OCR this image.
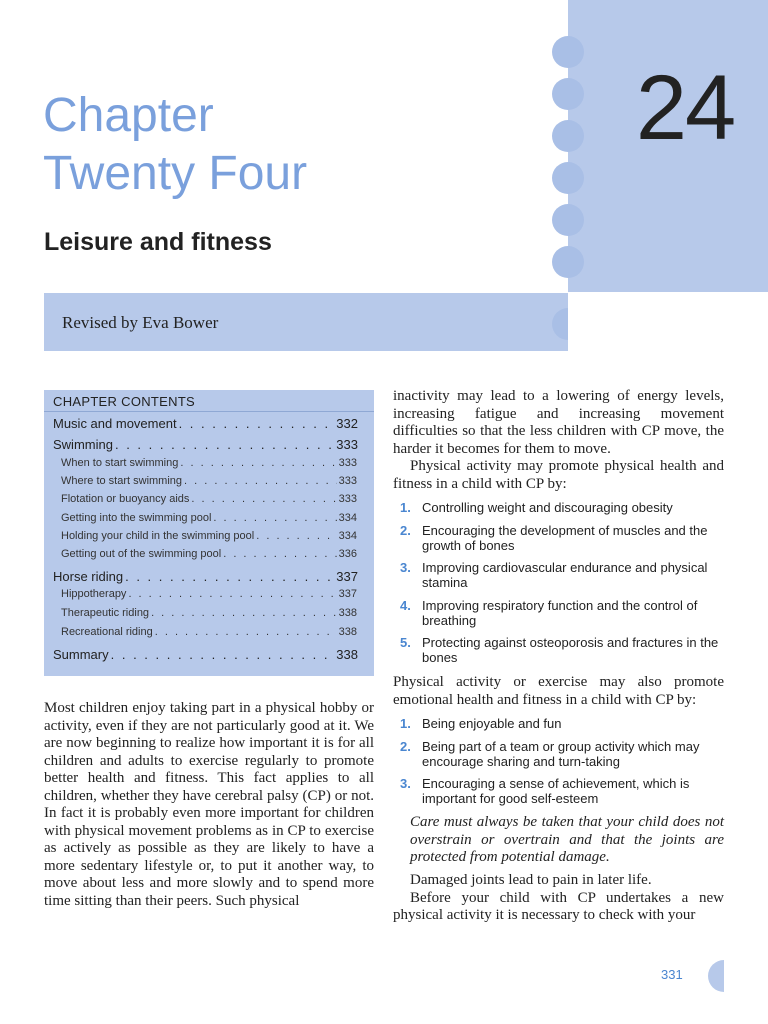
24
Chapter
Twenty Four
Leisure and fitness
Revised by Eva Bower
CHAPTER CONTENTS
Music and movement . . .	332
Swimming . . .	333
When to start swimming . . .	333
Where to start swimming . . .	333
Flotation or buoyancy aids . . .	333
Getting into the swimming pool . . .	334
Holding your child in the swimming pool . . .	334
Getting out of the swimming pool . . .	336
Horse riding . . .	337
Hippotherapy . . .	337
Therapeutic riding . . .	338
Recreational riding . . .	338
Summary . . .	338

Most children enjoy taking part in a physical hobby or activity, even if they are not particularly good at it. We are now beginning to realize how important it is for all children and adults to exercise regularly to promote better health and fitness. This fact applies to all children, whether they have cerebral palsy (CP) or not. In fact it is probably even more important for children with physical movement problems as in CP to exercise as actively as possible as they are likely to have a more sedentary lifestyle or, to put it another way, to move about less and more slowly and to spend more time sitting than their peers. Such physical

inactivity may lead to a lowering of energy levels, increasing fatigue and increasing movement difficulties so that the less children with CP move, the harder it becomes for them to move.

Physical activity may promote physical health and fitness in a child with CP by:

1. Controlling weight and discouraging obesity
2. Encouraging the development of muscles and the growth of bones
3. Improving cardiovascular endurance and physical stamina
4. Improving respiratory function and the control of breathing
5. Protecting against osteoporosis and fractures in the bones

Physical activity or exercise may also promote emotional health and fitness in a child with CP by:

1. Being enjoyable and fun
2. Being part of a team or group activity which may encourage sharing and turn-taking
3. Encouraging a sense of achievement, which is important for good self-esteem
Care must always be taken that your child does not overstrain or overtrain and that the joints are protected from potential damage.

Damaged joints lead to pain in later life.

Before your child with CP undertakes a new physical activity it is necessary to check with your

331
